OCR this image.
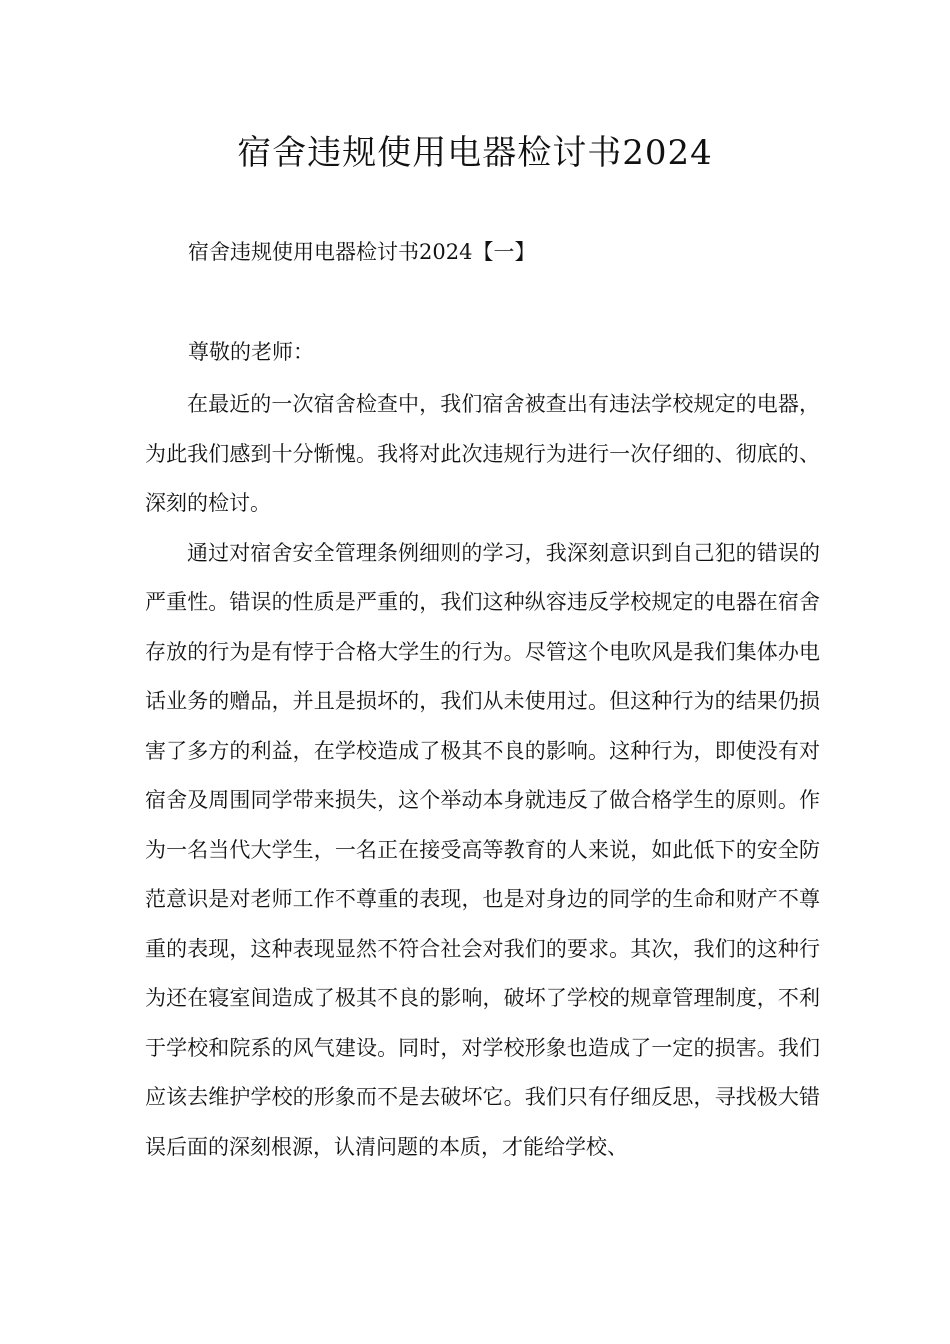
宿舍违规使用电器检讨书2024

宿舍违规使用电器检讨书2024【一】

尊敬的老师：

在最近的一次宿舍检查中，我们宿舍被查出有违法学校规定的电器，为此我们感到十分惭愧。我将对此次违规行为进行一次仔细的、彻底的、深刻的检讨。

通过对宿舍安全管理条例细则的学习，我深刻意识到自己犯的错误的严重性。错误的性质是严重的，我们这种纵容违反学校规定的电器在宿舍存放的行为是有悖于合格大学生的行为。尽管这个电吹风是我们集体办电话业务的赠品，并且是损坏的，我们从未使用过。但这种行为的结果仍损害了多方的利益，在学校造成了极其不良的影响。这种行为，即使没有对宿舍及周围同学带来损失，这个举动本身就违反了做合格学生的原则。作为一名当代大学生，一名正在接受高等教育的人来说，如此低下的安全防范意识是对老师工作不尊重的表现，也是对身边的同学的生命和财产不尊重的表现，这种表现显然不符合社会对我们的要求。其次，我们的这种行为还在寝室间造成了极其不良的影响，破坏了学校的规章管理制度，不利于学校和院系的风气建设。同时，对学校形象也造成了一定的损害。我们应该去维护学校的形象而不是去破坏它。我们只有仔细反思，寻找极大错误后面的深刻根源，认清问题的本质，才能给学校、
